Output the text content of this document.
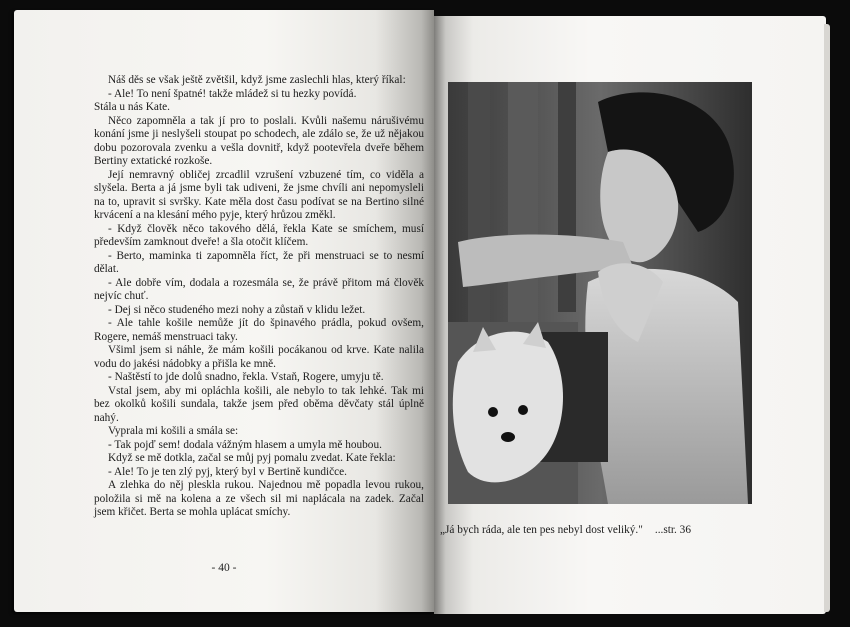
Náš děs se však ještě zvětšil, když jsme zaslechli hlas, který říkal:

- Ale! To není špatné! takže mládež si tu hezky povídá.

Stála u nás Kate.

Něco zapomněla a tak jí pro to poslali. Kvůli našemu nárušivému konání jsme ji neslyšeli stoupat po schodech, ale zdálo se, že už nějakou dobu pozorovala zvenku a vešla dovnitř, když pootevřela dveře během Bertiny extatické rozkoše.

Její nemravný obličej zrcadlil vzrušení vzbuzené tím, co viděla a slyšela. Berta a já jsme byli tak udiveni, že jsme chvíli ani nepomysleli na to, upravit si svršky. Kate měla dost času podívat se na Bertino silné krvácení a na klesání mého pyje, který hrůzou změkl.

- Když člověk něco takového dělá, řekla Kate se smíchem, musí především zamknout dveře! a šla otočit klíčem.

- Berto, maminka ti zapomněla říct, že při menstruaci se to nesmí dělat.

- Ale dobře vím, dodala a rozesmála se, že právě přitom má člověk nejvíc chuť.

- Dej si něco studeného mezi nohy a zůstaň v klidu ležet.

- Ale tahle košile nemůže jít do špinavého prádla, pokud ovšem, Rogere, nemáš menstruaci taky.

Všiml jsem si náhle, že mám košili pocákanou od krve. Kate nalila vodu do jakési nádobky a přišla ke mně.

- Naštěstí to jde dolů snadno, řekla. Vstaň, Rogere, umyju tě.

Vstal jsem, aby mi opláchla košili, ale nebylo to tak lehké. Tak mi bez okolků košili sundala, takže jsem před oběma děvčaty stál úplně nahý.

Vyprala mi košili a smála se:

- Tak pojď sem! dodala vážným hlasem a umyla mě houbou.

Když se mě dotkla, začal se můj pyj pomalu zvedat. Kate řekla:

- Ale! To je ten zlý pyj, který byl v Bertině kundičce.

A zlehka do něj pleskla rukou. Najednou mě popadla levou rukou, položila si mě na kolena a ze všech sil mi naplácala na zadek. Začal jsem křičet. Berta se mohla uplácat smíchy.

- 40 -
„Já bych ráda, ale ten pes nebyl dost veliký." ...str. 36
